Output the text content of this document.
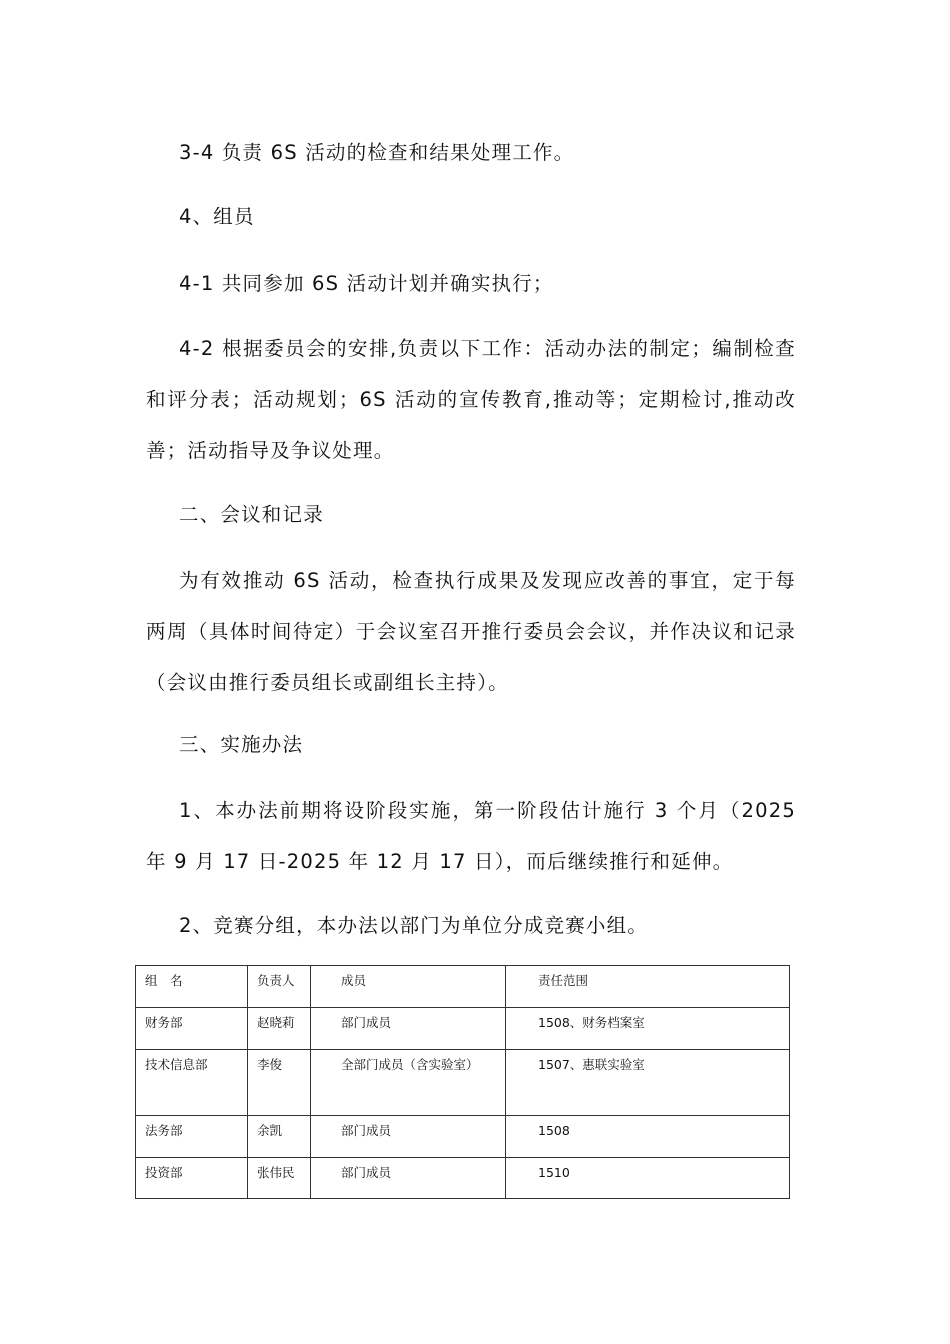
3-4 负责 6S 活动的检查和结果处理工作。

4、组员

4-1 共同参加 6S 活动计划并确实执行；

4-2 根据委员会的安排,负责以下工作：活动办法的制定；编制检查和评分表；活动规划；6S 活动的宣传教育,推动等；定期检讨,推动改善；活动指导及争议处理。

二、会议和记录

为有效推动 6S 活动，检查执行成果及发现应改善的事宜，定于每两周（具体时间待定）于会议室召开推行委员会会议，并作决议和记录（会议由推行委员组长或副组长主持）。

三、实施办法

1、本办法前期将设阶段实施，第一阶段估计施行 3 个月（2025 年 9 月 17 日-2025 年 12 月 17 日），而后继续推行和延伸。

2、竞赛分组，本办法以部门为单位分成竞赛小组。

组　名	负责人	成员	责任范围
财务部	赵晓莉	部门成员	1508、财务档案室
技术信息部	李俊	全部门成员（含实验室）	1507、惠联实验室
法务部	余凯	部门成员	1508
投资部	张伟民	部门成员	1510
